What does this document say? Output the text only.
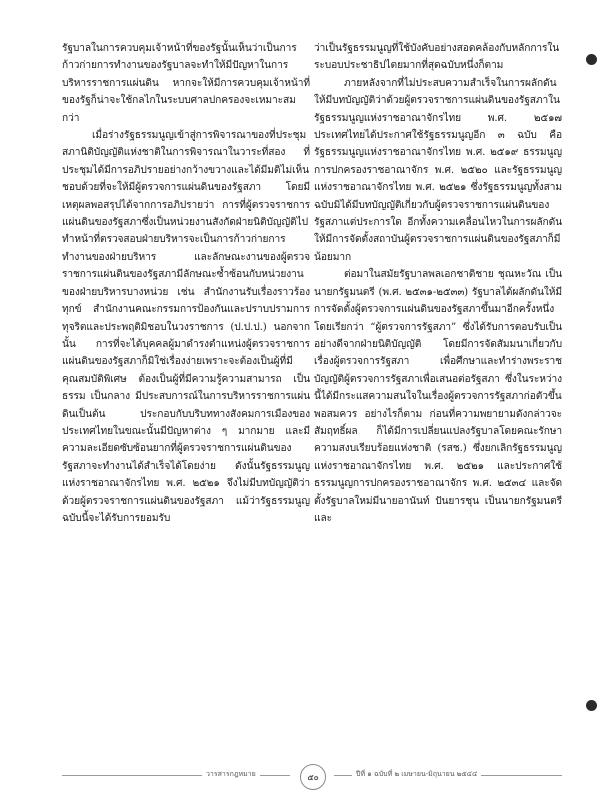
รัฐบาลในการควบคุมเจ้าหน้าที่ของรัฐนั้นเห็นว่าเป็นการก้าวก่ายการทำงานของรัฐบาลจะทำให้มีปัญหาในการบริหารราชการแผ่นดิน หากจะให้มีการควบคุมเจ้าหน้าที่ของรัฐก็น่าจะใช้กลไกในระบบศาลปกครองจะเหมาะสมกว่า

เมื่อร่างรัฐธรรมนูญเข้าสู่การพิจารณาของที่ประชุมสภานิติบัญญัติแห่งชาติในการพิจารณาในวาระที่สอง ที่ประชุมได้มีการอภิปรายอย่างกว้างขวางและได้มีมติไม่เห็นชอบด้วยที่จะให้มีผู้ตรวจการแผ่นดินของรัฐสภา โดยมีเหตุผลพอสรุปได้จากการอภิปรายว่า การที่ผู้ตรวจราชการแผ่นดินของรัฐสภาซึ่งเป็นหน่วยงานสังกัดฝ่ายนิติบัญญัติไปทำหน้าที่ตรวจสอบฝ่ายบริหารจะเป็นการก้าวก่ายการทำงานของฝ่ายบริหาร และลักษณะงานของผู้ตรวจราชการแผ่นดินของรัฐสภามีลักษณะซ้ำซ้อนกับหน่วยงานของฝ่ายบริหารบางหน่วย เช่น สำนักงานรับเรื่องราวร้องทุกข์ สำนักงานคณะกรรมการป้องกันและปราบปรามการทุจริตและประพฤติมิชอบในวงราชการ (ป.ป.ป.) นอกจากนั้น การที่จะได้บุคคลผู้มาดำรงตำแหน่งผู้ตรวจราชการแผ่นดินของรัฐสภาก็มิใช่เรื่องง่ายเพราะจะต้องเป็นผู้ที่มีคุณสมบัติพิเศษ ต้องเป็นผู้ที่มีความรู้ความสามารถ เป็นธรรม เป็นกลาง มีประสบการณ์ในการบริหารราชการแผ่นดินเป็นต้น ประกอบกับบริบททางสังคมการเมืองของประเทศไทยในขณะนั้นมีปัญหาต่าง ๆ มากมาย และมีความละเอียดซับซ้อนยากที่ผู้ตรวจราชการแผ่นดินของรัฐสภาจะทำงานได้สำเร็จได้โดยง่าย ดังนั้นรัฐธรรมนูญแห่งราชอาณาจักรไทย พ.ศ. ๒๕๒๑ จึงไม่มีบทบัญญัติว่าด้วยผู้ตรวจราชการแผ่นดินของรัฐสภา แม้ว่ารัฐธรรมนูญฉบับนี้จะได้รับการยอมรับ

ว่าเป็นรัฐธรรมนูญที่ใช้บังคับอย่างสอดคล้องกับหลักการในระบอบประชาธิปไตยมากที่สุดฉบับหนึ่งก็ตาม

ภายหลังจากที่ไม่ประสบความสำเร็จในการผลักดันให้มีบทบัญญัติว่าด้วยผู้ตรวจราชการแผ่นดินของรัฐสภาในรัฐธรรมนูญแห่งราชอาณาจักรไทย พ.ศ. ๒๕๑๗ ประเทศไทยได้ประกาศใช้รัฐธรรมนูญอีก ๓ ฉบับ คือ รัฐธรรมนูญแห่งราชอาณาจักรไทย พ.ศ. ๒๕๑๙ ธรรมนูญการปกครองราชอาณาจักร พ.ศ. ๒๕๒๐ และรัฐธรรมนูญแห่งราชอาณาจักรไทย พ.ศ. ๒๕๒๑ ซึ่งรัฐธรรมนูญทั้งสามฉบับมิได้มีบทบัญญัติเกี่ยวกับผู้ตรวจราชการแผ่นดินของรัฐสภาแต่ประการใด อีกทั้งความเคลื่อนไหวในการผลักดันให้มีการจัดตั้งสถาบันผู้ตรวจราชการแผ่นดินของรัฐสภาก็มีน้อยมาก

ต่อมาในสมัยรัฐบาลพลเอกชาติชาย ชุณหะวัณ เป็นนายกรัฐมนตรี (พ.ศ. ๒๕๓๑-๒๕๓๓) รัฐบาลได้ผลักดันให้มีการจัดตั้งผู้ตรวจการแผ่นดินของรัฐสภาขึ้นมาอีกครั้งหนึ่งโดยเรียกว่า “ผู้ตรวจการรัฐสภา” ซึ่งได้รับการตอบรับเป็นอย่างดีจากฝ่ายนิติบัญญัติ โดยมีการจัดสัมมนาเกี่ยวกับเรื่องผู้ตรวจการรัฐสภา เพื่อศึกษาและทำร่างพระราชบัญญัติผู้ตรวจการรัฐสภาเพื่อเสนอต่อรัฐสภา ซึ่งในระหว่างนี้ได้มีกระแสความสนใจในเรื่องผู้ตรวจการรัฐสภาก่อตัวขึ้นพอสมควร อย่างไรก็ตาม ก่อนที่ความพยายามดังกล่าวจะสัมฤทธิ์ผล ก็ได้มีการเปลี่ยนแปลงรัฐบาลโดยคณะรักษาความสงบเรียบร้อยแห่งชาติ (รสช.) ซึ่งยกเลิกรัฐธรรมนูญแห่งราชอาณาจักรไทย พ.ศ. ๒๕๒๑ และประกาศใช้ธรรมนูญการปกครองราชอาณาจักร พ.ศ. ๒๕๓๔ และจัดตั้งรัฐบาลใหม่มีนายอานันท์ ปันยารชุน เป็นนายกรัฐมนตรี และ

วารสารกฎหมาย	๕๐	ปีที่ ๑ ฉบับที่ ๒ เมษายน-มิถุนายน ๒๕๔๔
